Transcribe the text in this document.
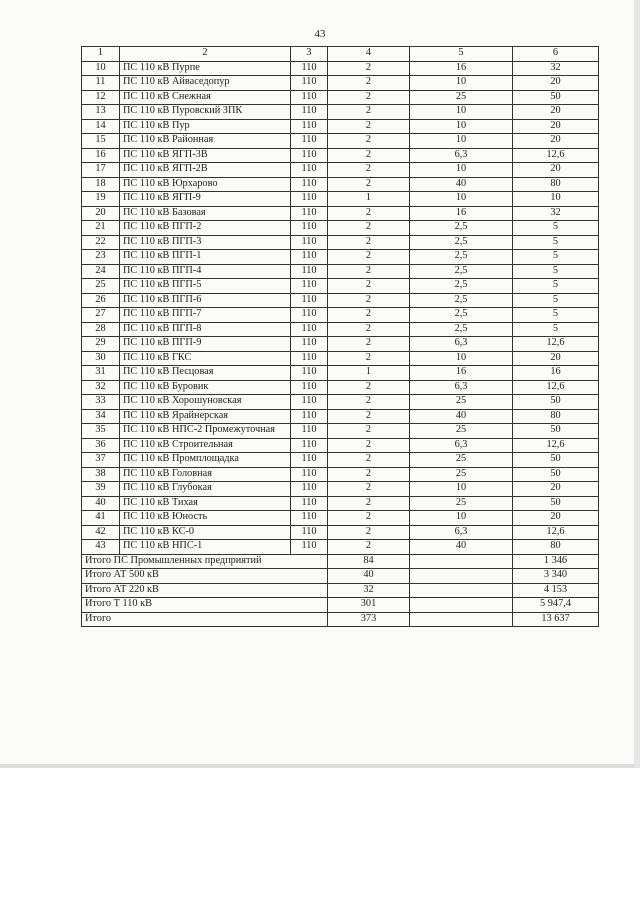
43
1	2	3	4	5	6
10	ПС 110 кВ Пурпе	110	2	16	32
11	ПС 110 кВ Айваседопур	110	2	10	20
12	ПС 110 кВ Снежная	110	2	25	50
13	ПС 110 кВ Пуровский ЗПК	110	2	10	20
14	ПС 110 кВ Пур	110	2	10	20
15	ПС 110 кВ Районная	110	2	10	20
16	ПС 110 кВ ЯГП-3В	110	2	6,3	12,6
17	ПС 110 кВ ЯГП-2В	110	2	10	20
18	ПС 110 кВ Юрхарово	110	2	40	80
19	ПС 110 кВ ЯГП-9	110	1	10	10
20	ПС 110 кВ Базовая	110	2	16	32
21	ПС 110 кВ ПГП-2	110	2	2,5	5
22	ПС 110 кВ ПГП-3	110	2	2,5	5
23	ПС 110 кВ ПГП-1	110	2	2,5	5
24	ПС 110 кВ ПГП-4	110	2	2,5	5
25	ПС 110 кВ ПГП-5	110	2	2,5	5
26	ПС 110 кВ ПГП-6	110	2	2,5	5
27	ПС 110 кВ ПГП-7	110	2	2,5	5
28	ПС 110 кВ ПГП-8	110	2	2,5	5
29	ПС 110 кВ ПГП-9	110	2	6,3	12,6
30	ПС 110 кВ ГКС	110	2	10	20
31	ПС 110 кВ Песцовая	110	1	16	16
32	ПС 110 кВ Буровик	110	2	6,3	12,6
33	ПС 110 кВ Хорошуновская	110	2	25	50
34	ПС 110 кВ Ярайнерская	110	2	40	80
35	ПС 110 кВ НПС-2 Промежуточная	110	2	25	50
36	ПС 110 кВ Строительная	110	2	6,3	12,6
37	ПС 110 кВ Промплощадка	110	2	25	50
38	ПС 110 кВ Головная	110	2	25	50
39	ПС 110 кВ Глубокая	110	2	10	20
40	ПС 110 кВ Тихая	110	2	25	50
41	ПС 110 кВ Юность	110	2	10	20
42	ПС 110 кВ КС-0	110	2	6,3	12,6
43	ПС 110 кВ НПС-1	110	2	40	80
Итого ПС Промышленных предприятий			84		1 346
Итого АТ 500 кВ			40		3 340
Итого АТ 220 кВ			32		4 153
Итого Т 110 кВ			301		5 947,4
Итого			373		13 637
